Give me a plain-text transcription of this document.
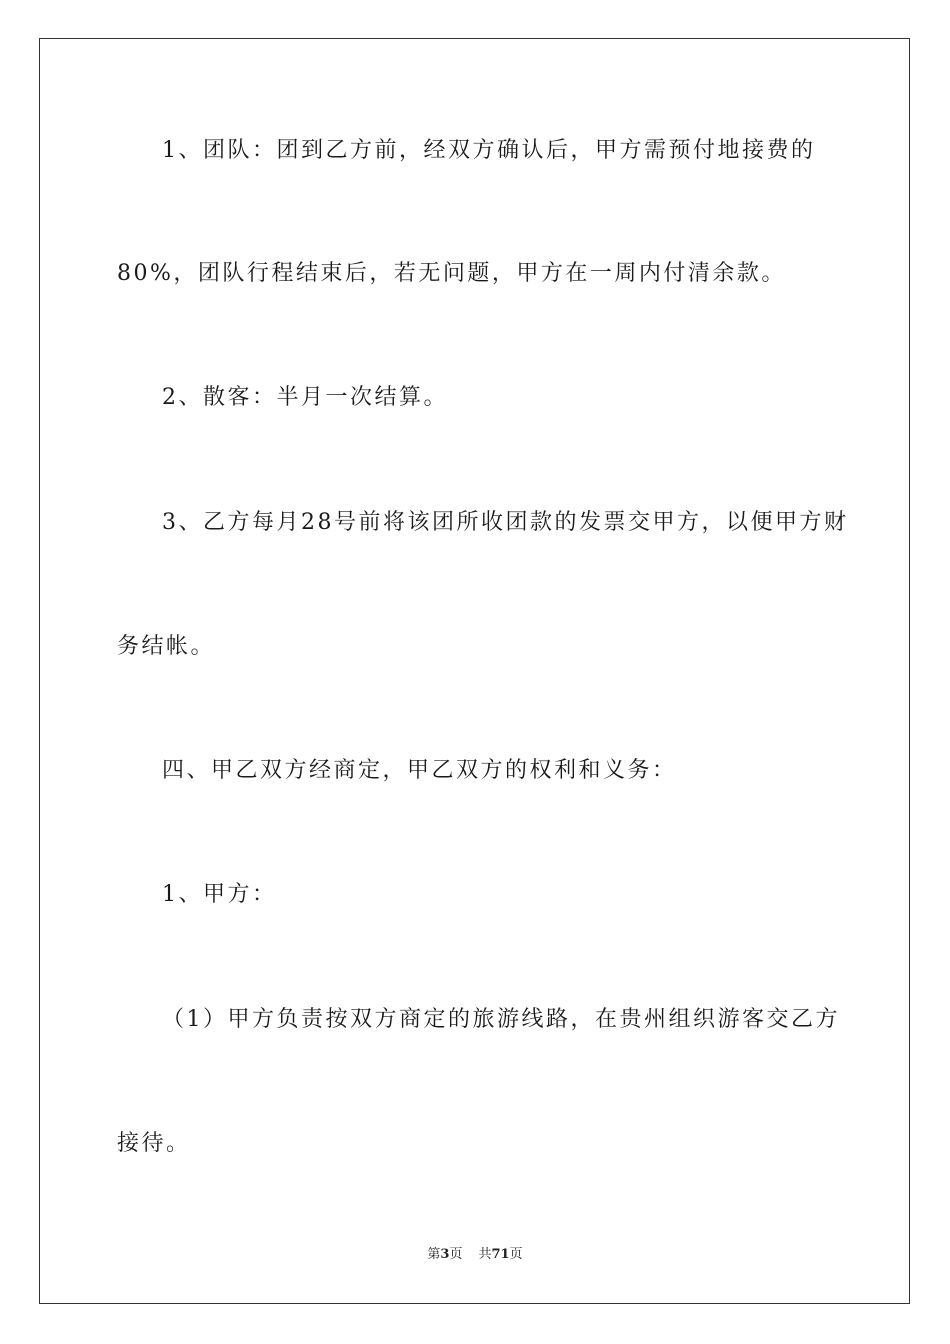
1、团队：团到乙方前，经双方确认后，甲方需预付地接费的
80%，团队行程结束后，若无问题，甲方在一周内付清余款。
2、散客：半月一次结算。
3、乙方每月28号前将该团所收团款的发票交甲方，以便甲方财
务结帐。
四、甲乙双方经商定，甲乙双方的权利和义务：
1、甲方：
（1）甲方负责按双方商定的旅游线路，在贵州组织游客交乙方
接待。
第3页 共71页
